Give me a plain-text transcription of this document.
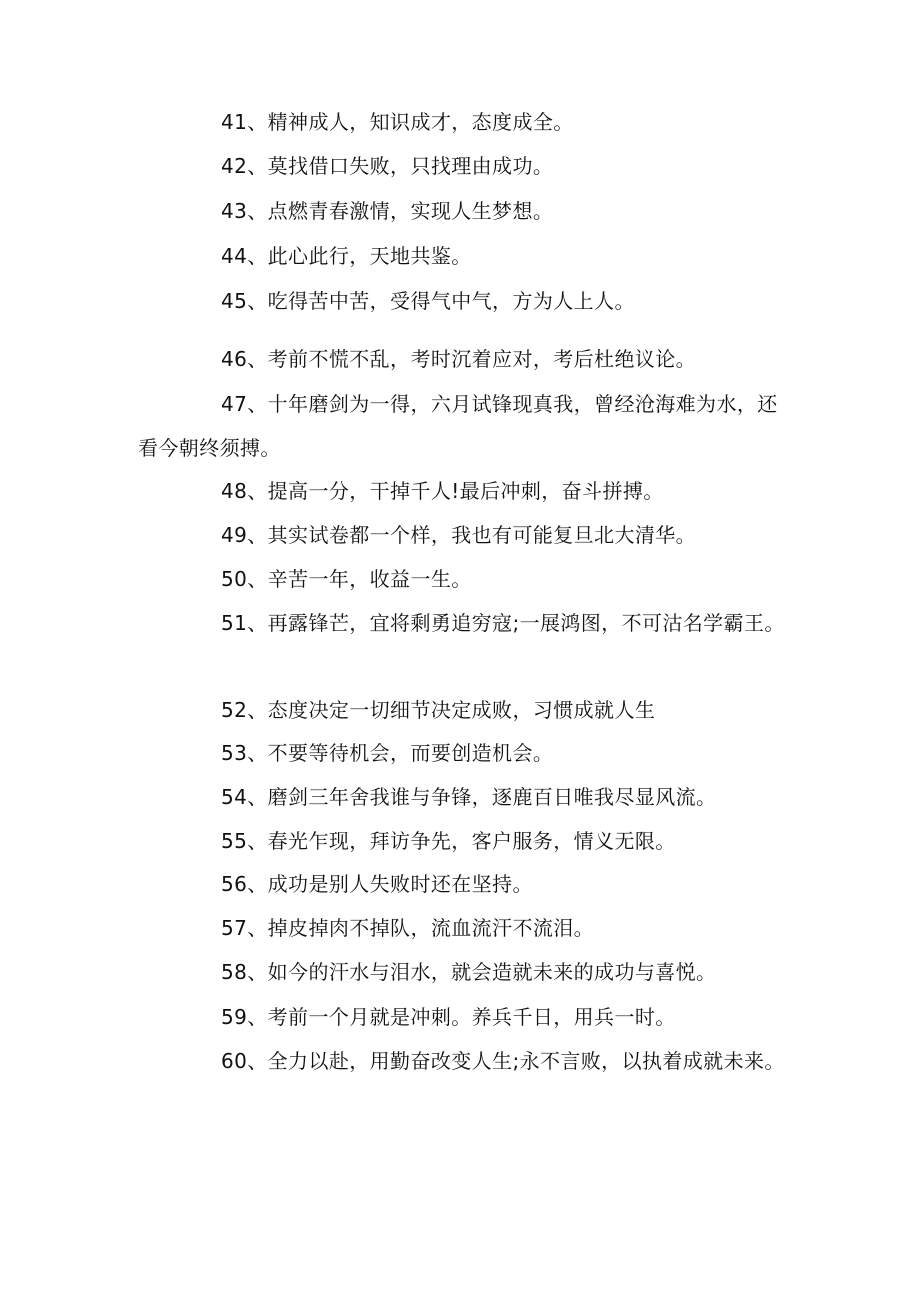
41、精神成人，知识成才，态度成全。

42、莫找借口失败，只找理由成功。

43、点燃青春激情，实现人生梦想。

44、此心此行，天地共鉴。

45、吃得苦中苦，受得气中气，方为人上人。

46、考前不慌不乱，考时沉着应对，考后杜绝议论。

47、十年磨剑为一得，六月试锋现真我，曾经沧海难为水，还看今朝终须搏。

48、提高一分，干掉千人!最后冲刺，奋斗拼搏。

49、其实试卷都一个样，我也有可能复旦北大清华。

50、辛苦一年，收益一生。

51、再露锋芒，宜将剩勇追穷寇;一展鸿图，不可沽名学霸王。

52、态度决定一切细节决定成败，习惯成就人生

53、不要等待机会，而要创造机会。

54、磨剑三年舍我谁与争锋，逐鹿百日唯我尽显风流。

55、春光乍现，拜访争先，客户服务，情义无限。

56、成功是别人失败时还在坚持。

57、掉皮掉肉不掉队，流血流汗不流泪。

58、如今的汗水与泪水，就会造就未来的成功与喜悦。

59、考前一个月就是冲刺。养兵千日，用兵一时。

60、全力以赴，用勤奋改变人生;永不言败，以执着成就未来。
